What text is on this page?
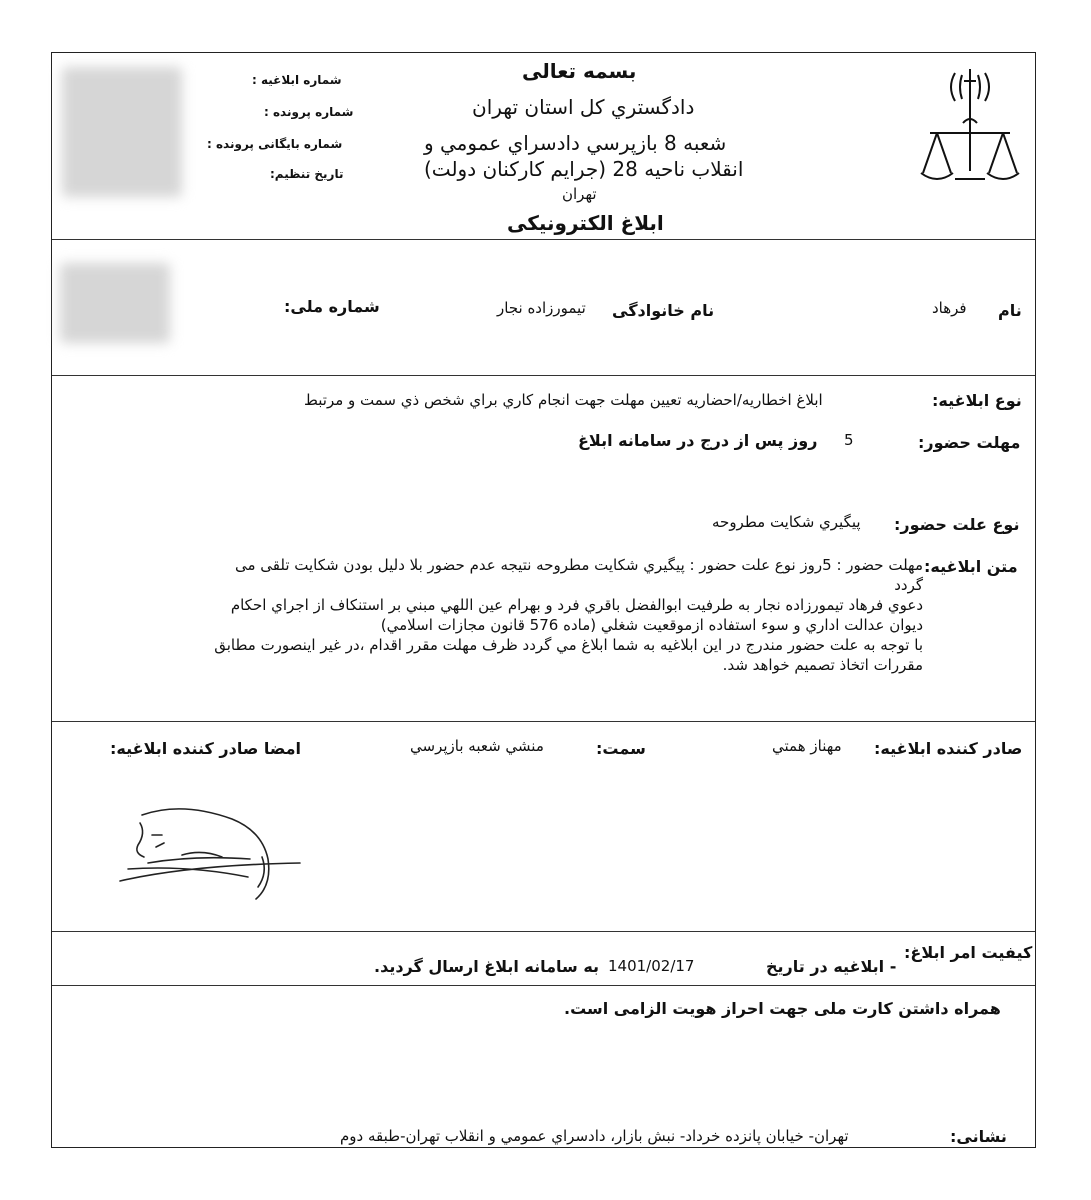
بسمه تعالی
دادگستري كل استان تهران
شعبه 8 بازپرسي دادسراي عمومي و
انقلاب ناحيه 28 (جرايم كاركنان دولت)
تهران
ابلاغ الكترونيكی
شماره ابلاغیه :
شماره پرونده :
شماره بایگانی پرونده :
تاریخ تنظیم:
نام
فرهاد
نام خانوادگی
تيمورزاده نجار
شماره ملی:
نوع ابلاغیه:
ابلاغ اخطاريه/احضاريه تعيين مهلت جهت انجام كاري براي شخص ذي سمت و مرتبط
مهلت حضور:
5
روز پس از درج در سامانه ابلاغ
نوع علت حضور:
پيگيري شكايت مطروحه
متن ابلاغیه:
مهلت حضور : 5روز نوع علت حضور : پيگيري شكايت مطروحه نتيجه عدم حضور بلا دليل بودن شكايت تلقی می
گردد
دعوي فرهاد تيمورزاده نجار به طرفيت ابوالفضل باقري فرد و بهرام عين اللهي مبني بر استنكاف از اجراي احكام
ديوان عدالت اداري و سوء استفاده ازموقعيت شغلي (ماده 576 قانون مجازات اسلامي)
با توجه به علت حضور مندرج در اين ابلاغيه به شما ابلاغ مي گردد ظرف مهلت مقرر اقدام ،در غير اينصورت مطابق
مقررات اتخاذ تصميم خواهد شد.
صادر كننده ابلاغیه:
مهناز همتي
سمت:
منشي شعبه بازپرسي
امضا صادر كننده ابلاغیه:
كيفيت امر ابلاغ:
- ابلاغيه در تاريخ
1401/02/17
به سامانه ابلاغ ارسال گرديد.
همراه داشتن كارت ملی جهت احراز هويت الزامی است.
نشانی:
تهران- خيابان پانزده خرداد- نبش بازار، دادسراي عمومي و انقلاب تهران-طبقه دوم
